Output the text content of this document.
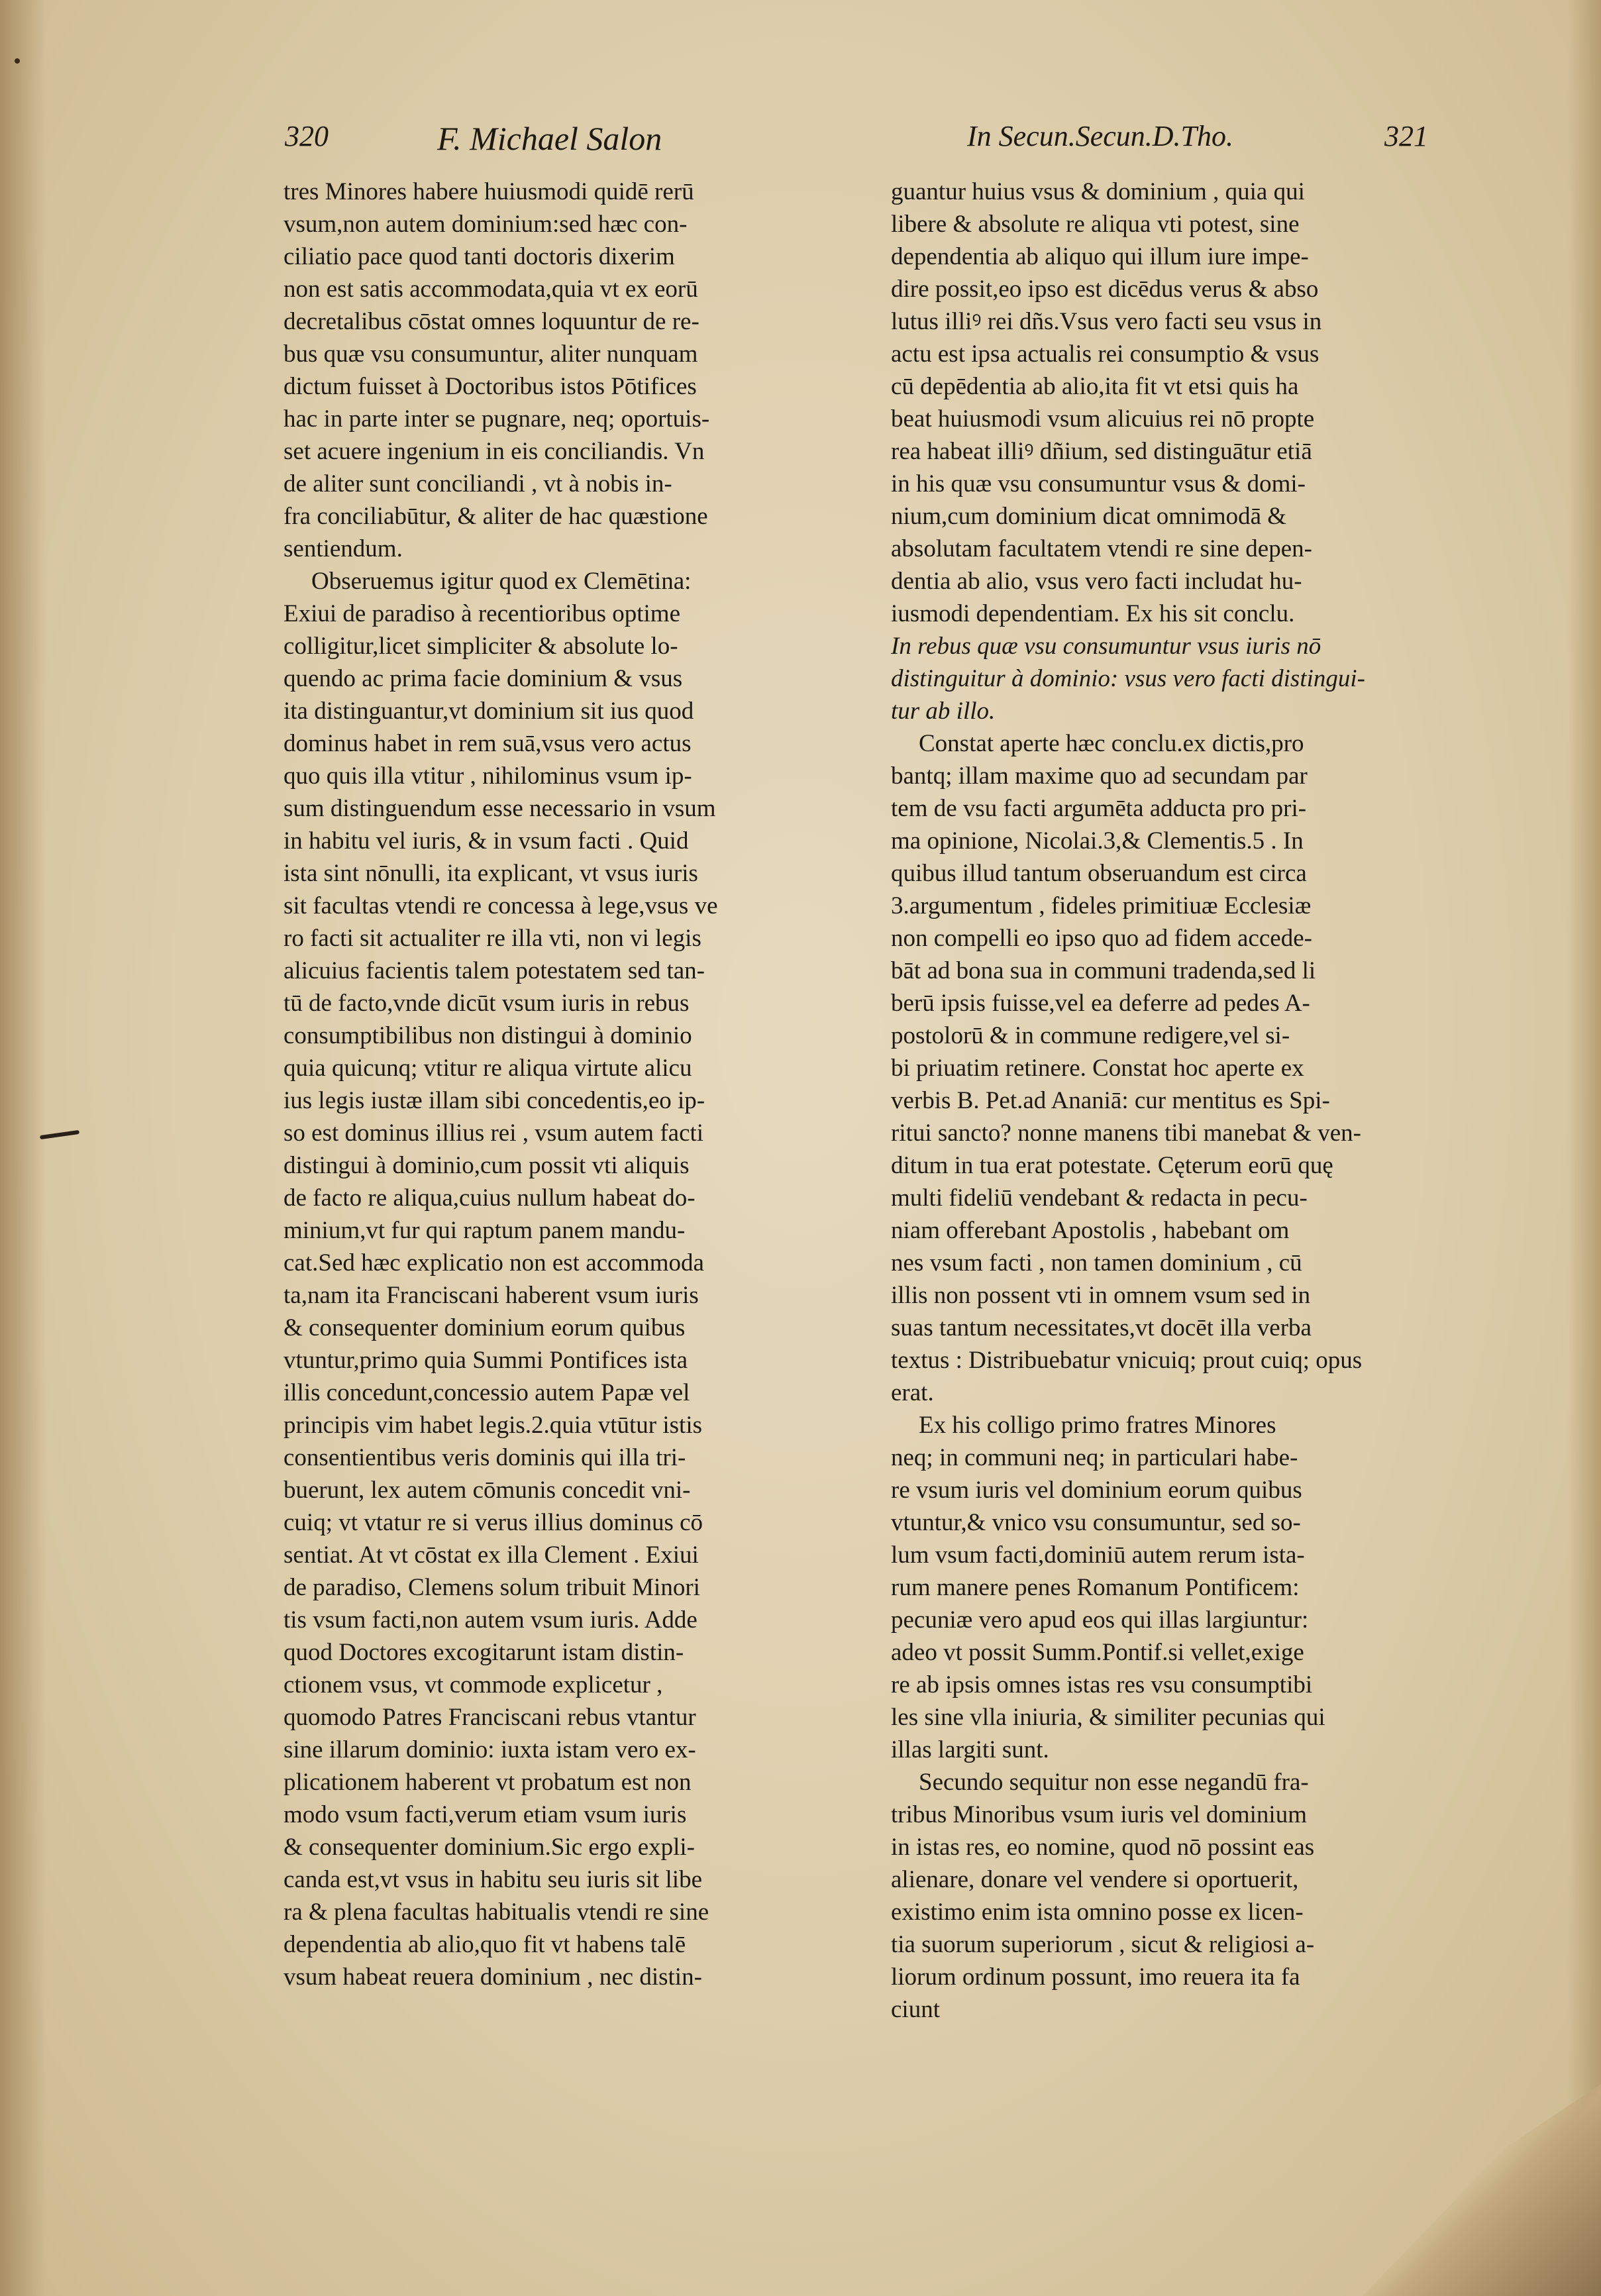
320	F. Michael Salon	In Secun.Secun.D.Tho.	321
tres Minores habere huiusmodi quidē rerū
vsum,non autem dominium:sed hæc con-
ciliatio pace quod tanti doctoris dixerim
non est satis accommodata,quia vt ex eorū
decretalibus cōstat omnes loquuntur de re-
bus quæ vsu consumuntur, aliter nunquam
dictum fuisset à Doctoribus istos Pōtifices
hac in parte inter se pugnare, neq; oportuis-
set acuere ingenium in eis conciliandis. Vn
de aliter sunt conciliandi , vt à nobis in-
fra conciliabūtur, & aliter de hac quæstione
sentiendum.
Obseruemus igitur quod ex Clemētina:
Exiui de paradiso à recentioribus optime
colligitur,licet simpliciter & absolute lo-
quendo ac prima facie dominium & vsus
ita distinguantur,vt dominium sit ius quod
dominus habet in rem suā,vsus vero actus
quo quis illa vtitur , nihilominus vsum ip-
sum distinguendum esse necessario in vsum
in habitu vel iuris, & in vsum facti . Quid
ista sint nōnulli, ita explicant, vt vsus iuris
sit facultas vtendi re concessa à lege,vsus ve
ro facti sit actualiter re illa vti, non vi legis
alicuius facientis talem potestatem sed tan-
tū de facto,vnde dicūt vsum iuris in rebus
consumptibilibus non distingui à dominio
quia quicunq; vtitur re aliqua virtute alicu
ius legis iustæ illam sibi concedentis,eo ip-
so est dominus illius rei , vsum autem facti
distingui à dominio,cum possit vti aliquis
de facto re aliqua,cuius nullum habeat do-
minium,vt fur qui raptum panem mandu-
cat.Sed hæc explicatio non est accommoda
ta,nam ita Franciscani haberent vsum iuris
& consequenter dominium eorum quibus
vtuntur,primo quia Summi Pontifices ista
illis concedunt,concessio autem Papæ vel
principis vim habet legis.2.quia vtūtur istis
consentientibus veris dominis qui illa tri-
buerunt, lex autem cōmunis concedit vni-
cuiq; vt vtatur re si verus illius dominus cō
sentiat. At vt cōstat ex illa Clement . Exiui
de paradiso, Clemens solum tribuit Minori
tis vsum facti,non autem vsum iuris. Adde
quod Doctores excogitarunt istam distin-
ctionem vsus, vt commode explicetur ,
quomodo Patres Franciscani rebus vtantur
sine illarum dominio: iuxta istam vero ex-
plicationem haberent vt probatum est non
modo vsum facti,verum etiam vsum iuris
& consequenter dominium.Sic ergo expli-
canda est,vt vsus in habitu seu iuris sit libe
ra & plena facultas habitualis vtendi re sine
dependentia ab alio,quo fit vt habens talē
vsum habeat reuera dominium , nec distin-
guantur huius vsus & dominium , quia qui
libere & absolute re aliqua vti potest, sine
dependentia ab aliquo qui illum iure impe-
dire possit,eo ipso est dicēdus verus & abso
lutus illiꝰ rei dñs.Vsus vero facti seu vsus in
actu est ipsa actualis rei consumptio & vsus
cū depēdentia ab alio,ita fit vt etsi quis ha
beat huiusmodi vsum alicuius rei nō propte
rea habeat illiꝰ dñium, sed distinguātur etiā
in his quæ vsu consumuntur vsus & domi-
nium,cum dominium dicat omnimodā &
absolutam facultatem vtendi re sine depen-
dentia ab alio, vsus vero facti includat hu-
iusmodi dependentiam. Ex his sit conclu.
In rebus quæ vsu consumuntur vsus iuris nō
distinguitur à dominio: vsus vero facti distingui-
tur ab illo.
Constat aperte hæc conclu.ex dictis,pro
bantq; illam maxime quo ad secundam par
tem de vsu facti argumēta adducta pro pri-
ma opinione, Nicolai.3,& Clementis.5 . In
quibus illud tantum obseruandum est circa
3.argumentum , fideles primitiuæ Ecclesiæ
non compelli eo ipso quo ad fidem accede-
bāt ad bona sua in communi tradenda,sed li
berū ipsis fuisse,vel ea deferre ad pedes A-
postolorū & in commune redigere,vel si-
bi priuatim retinere. Constat hoc aperte ex
verbis B. Pet.ad Ananiā: cur mentitus es Spi-
ritui sancto? nonne manens tibi manebat & ven-
ditum in tua erat potestate. Cęterum eorū quę
multi fideliū vendebant & redacta in pecu-
niam offerebant Apostolis , habebant om
nes vsum facti , non tamen dominium , cū
illis non possent vti in omnem vsum sed in
suas tantum necessitates,vt docēt illa verba
textus : Distribuebatur vnicuiq; prout cuiq; opus
erat.
Ex his colligo primo fratres Minores
neq; in communi neq; in particulari habe-
re vsum iuris vel dominium eorum quibus
vtuntur,& vnico vsu consumuntur, sed so-
lum vsum facti,dominiū autem rerum ista-
rum manere penes Romanum Pontificem:
pecuniæ vero apud eos qui illas largiuntur:
adeo vt possit Summ.Pontif.si vellet,exige
re ab ipsis omnes istas res vsu consumptibi
les sine vlla iniuria, & similiter pecunias qui
illas largiti sunt.
Secundo sequitur non esse negandū fra-
tribus Minoribus vsum iuris vel dominium
in istas res, eo nomine, quod nō possint eas
alienare, donare vel vendere si oportuerit,
existimo enim ista omnino posse ex licen-
tia suorum superiorum , sicut & religiosi a-
liorum ordinum possunt, imo reuera ita fa
ciunt
